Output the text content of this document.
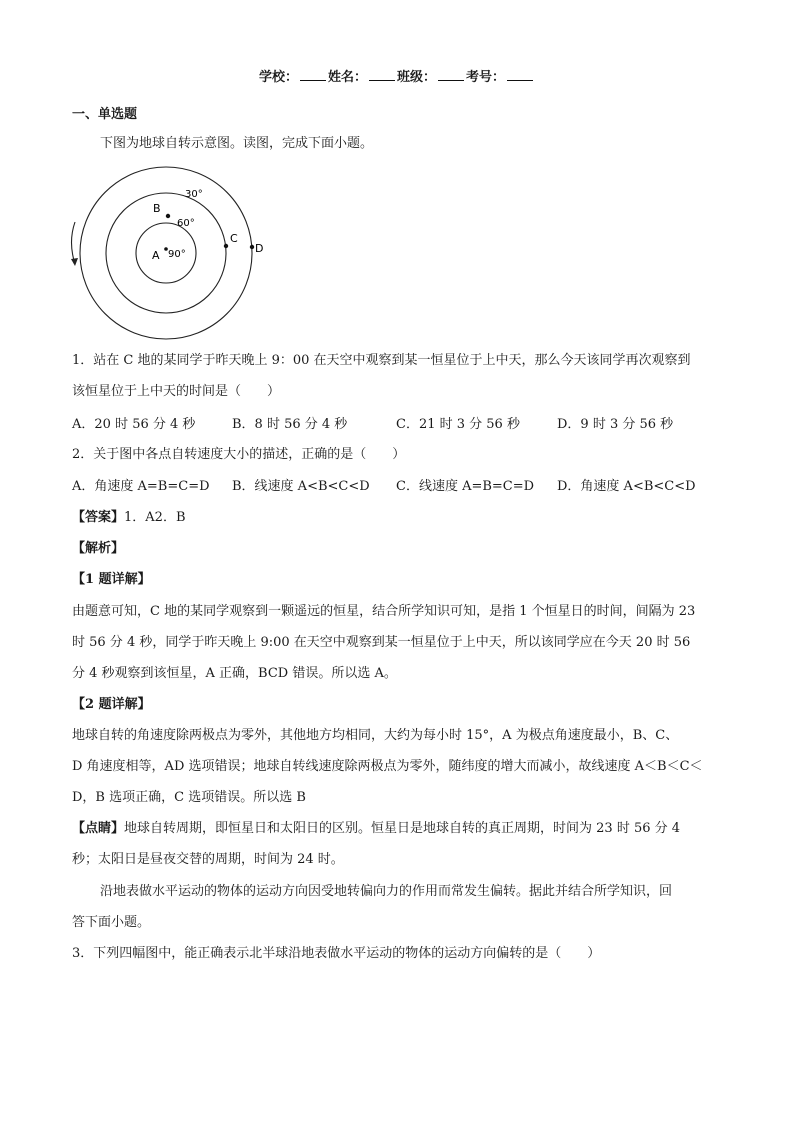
学校： 姓名： 班级： 考号：
一、单选题
下图为地球自转示意图。读图，完成下面小题。
30°
60°
90°
A
B
C
D
1．站在 C 地的某同学于昨天晚上 9：00 在天空中观察到某一恒星位于上中天，那么今天该同学再次观察到
该恒星位于上中天的时间是（　　）
A．20 时 56 分 4 秒	B．8 时 56 分 4 秒	C．21 时 3 分 56 秒	D．9 时 3 分 56 秒
2．关于图中各点自转速度大小的描述，正确的是（　　）
A．角速度 A=B=C=D B．线速度 A<B<C<D C．线速度 A=B=C=D D．角速度 A<B<C<D
【答案】1．A2．B
【解析】
【1 题详解】
由题意可知，C 地的某同学观察到一颗遥远的恒星，结合所学知识可知，是指 1 个恒星日的时间，间隔为 23
时 56 分 4 秒，同学于昨天晚上 9:00 在天空中观察到某一恒星位于上中天，所以该同学应在今天 20 时 56
分 4 秒观察到该恒星，A 正确，BCD 错误。所以选 A。
【2 题详解】
地球自转的角速度除两极点为零外，其他地方均相同，大约为每小时 15°，A 为极点角速度最小，B、C、
D 角速度相等，AD 选项错误；地球自转线速度除两极点为零外，随纬度的增大而减小，故线速度 A＜B＜C＜
D，B 选项正确，C 选项错误。所以选 B
【点睛】地球自转周期，即恒星日和太阳日的区别。恒星日是地球自转的真正周期，时间为 23 时 56 分 4
秒；太阳日是昼夜交替的周期，时间为 24 时。
沿地表做水平运动的物体的运动方向因受地转偏向力的作用而常发生偏转。据此并结合所学知识，回
答下面小题。
3．下列四幅图中，能正确表示北半球沿地表做水平运动的物体的运动方向偏转的是（　　）
